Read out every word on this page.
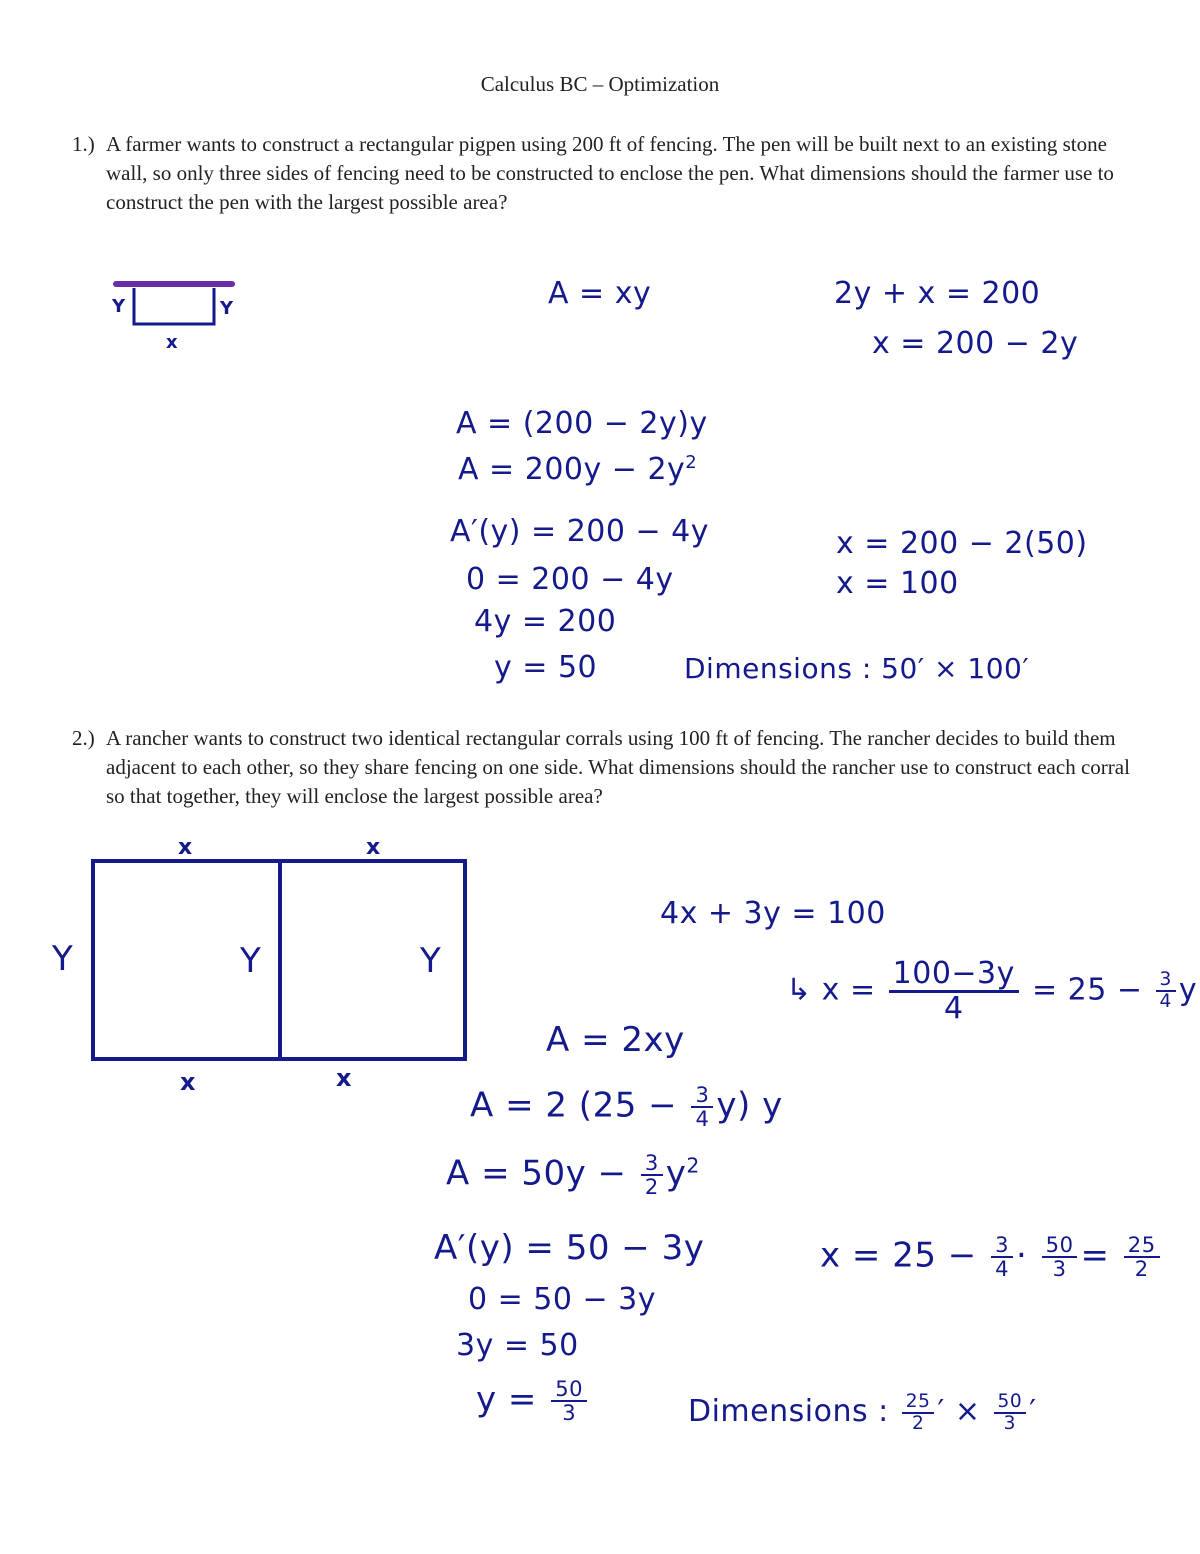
Calculus BC – Optimization
1.) A farmer wants to construct a rectangular pigpen using 200 ft of fencing. The pen will be built next to an existing stone wall, so only three sides of fencing need to be constructed to enclose the pen. What dimensions should the farmer use to construct the pen with the largest possible area?
Y	Y
x
A = xy	2y + x = 200
x = 200 − 2y
A = (200 − 2y)y
$A = 200y - 2y^2$
A′(y) = 200 − 4y
0 = 200 − 4y
4y = 200
y = 50
x = 200 − 2(50)
x = 100
Dimensions : 50′ × 100′
2.) A rancher wants to construct two identical rectangular corrals using 100 ft of fencing. The rancher decides to build them adjacent to each other, so they share fencing on one side. What dimensions should the rancher use to construct each corral so that together, they will enclose the largest possible area?
x	x
x	x
Y	Y	Y
4x + 3y = 100
↳ $x = \frac{100-3y}{4} = 25 - \frac{3}{4}$ y
A = 2xy
A = 2 $(25 - \frac{3}{4} y)$ y
$A = 50y - \frac{3}{2} y^2$
A′(y) = 50 − 3y
0 = 50 − 3y
3y = 50
$y = \frac{50}{3}$
$x = 25 - \frac{3}{4} \cdot \frac{50}{3} = \frac{25}{2}$
Dimensions : $\frac{25}{2}$ ′ × $\frac{50}{3}$ ′
